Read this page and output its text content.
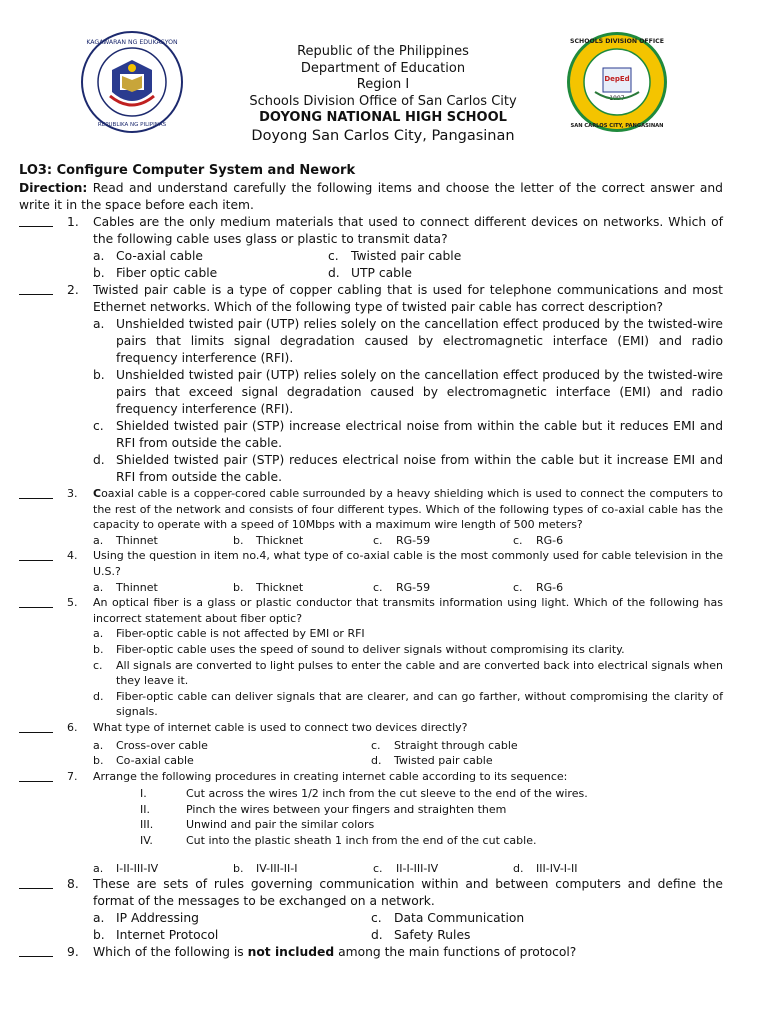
KAGAWARAN NG EDUKASYON
REPUBLIKA NG PILIPINAS
SCHOOLS DIVISION OFFICE
SAN CARLOS CITY, PANGASINAN
DepEd
1997
Republic of the Philippines
Department of Education
Region I
Schools Division Office of San Carlos City
DOYONG NATIONAL HIGH SCHOOL
Doyong San Carlos City, Pangasinan
LO3: Configure Computer System and Nework
Direction: Read and understand carefully the following items and choose the letter of the correct answer and write it in the space before each item.
1. Cables are the only medium materials that used to connect different devices on networks. Which of the following cable uses glass or plastic to transmit data?
a. Co-axial cable	c.	Twisted pair cable
b. Fiber optic cable	d. UTP cable
2. Twisted pair cable is a type of copper cabling that is used for telephone communications and most Ethernet networks. Which of the following type of twisted pair cable has correct description?
a. Unshielded twisted pair (UTP) relies solely on the cancellation effect produced by the twisted-wire pairs that limits signal degradation caused by electromagnetic interface (EMI) and radio frequency interference (RFI).
b. Unshielded twisted pair (UTP) relies solely on the cancellation effect produced by the twisted-wire pairs that exceed signal degradation caused by electromagnetic interface (EMI) and radio frequency interference (RFI).
c.	Shielded twisted pair (STP) increase electrical noise from within the cable but it reduces EMI and RFI from outside the cable.
d. Shielded twisted pair (STP) reduces electrical noise from within the cable but it increase EMI and RFI from outside the cable.
3. Coaxial cable is a copper-cored cable surrounded by a heavy shielding which is used to connect the computers to the rest of the network and consists of four different types. Which of the following types of co-axial cable has the capacity to operate with a speed of 10Mbps with a maximum wire length of 500 meters?
a.	Thinnet	b.	Thicknet	c.	RG-59	c.	RG-6
4. Using the question in item no.4, what type of co-axial cable is the most commonly used for cable television in the U.S.?
a.	Thinnet	b.	Thicknet	c.	RG-59	c.	RG-6
5. An optical fiber is a glass or plastic conductor that transmits information using light. Which of the following has incorrect statement about fiber optic?
a.	Fiber-optic cable is not affected by EMI or RFI
b.	Fiber-optic cable uses the speed of sound to deliver signals without compromising its clarity.
c.	All signals are converted to light pulses to enter the cable and are converted back into electrical signals when they leave it.
d.	Fiber-optic cable can deliver signals that are clearer, and can go farther, without compromising the clarity of signals.
6. What type of internet cable is used to connect two devices directly?
a.	Cross-over cable	c.	Straight through cable
b.	Co-axial cable	d.	Twisted pair cable
7. Arrange the following procedures in creating internet cable according to its sequence:
I.	Cut across the wires 1/2 inch from the cut sleeve to the end of the wires.
II.	Pinch the wires between your fingers and straighten them
III.	Unwind and pair the similar colors
IV.	Cut into the plastic sheath 1 inch from the end of the cut cable.
a.	I-II-III-IV	b.	IV-III-II-I	c.	II-I-III-IV	d.	III-IV-I-II
8. These are sets of rules governing communication within and between computers and define the format of the messages to be exchanged on a network.
a. IP Addressing	c.	Data Communication
b. Internet Protocol	d. Safety Rules
9. Which of the following is not included among the main functions of protocol?
